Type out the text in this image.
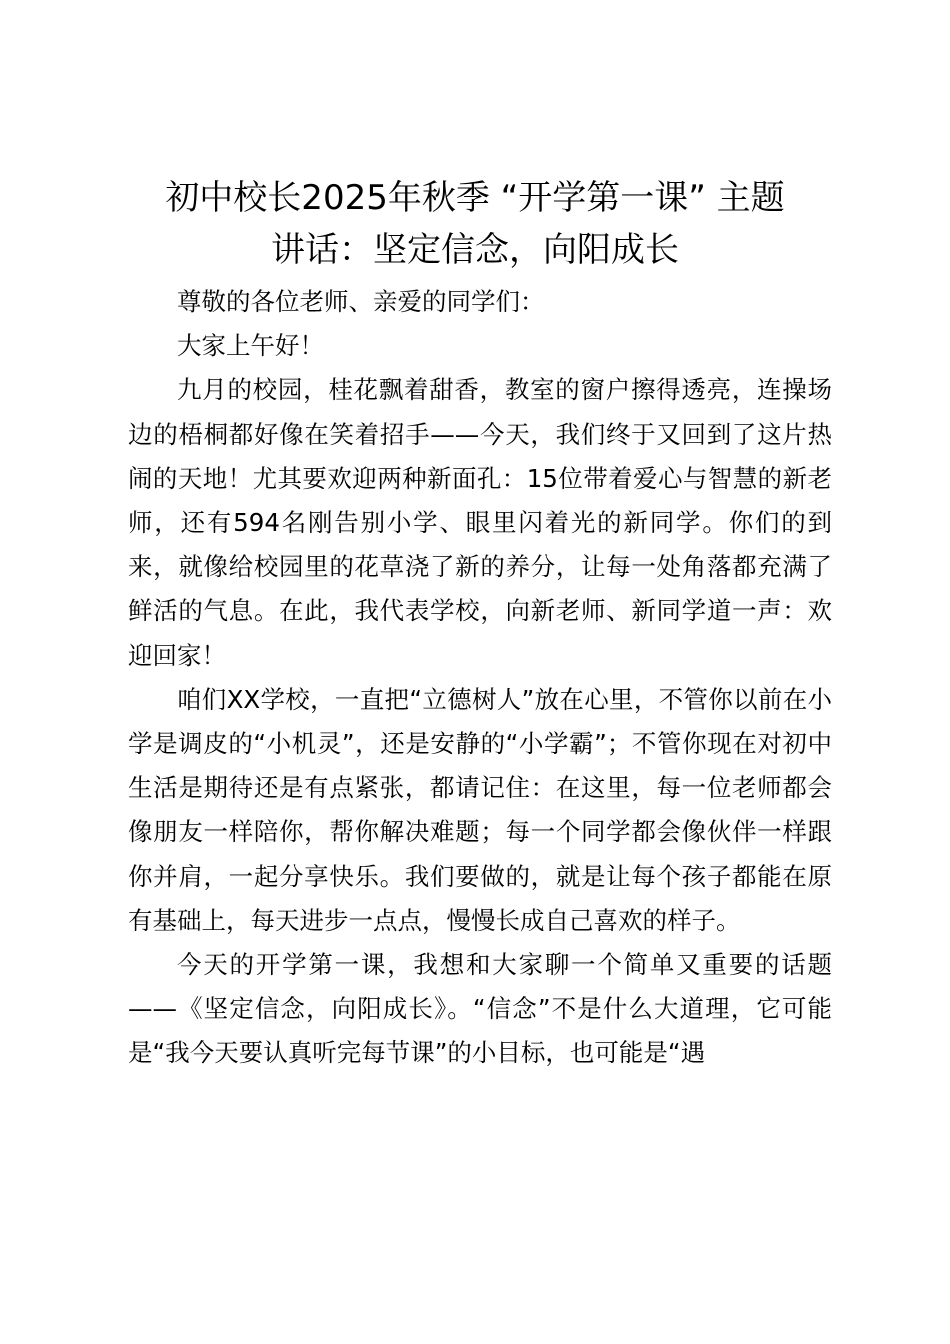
初中校长2025年秋季 “开学第一课” 主题
讲话：坚定信念，向阳成长

尊敬的各位老师、亲爱的同学们：

大家上午好！

九月的校园，桂花飘着甜香，教室的窗户擦得透亮，连操场边的梧桐都好像在笑着招手——今天，我们终于又回到了这片热闹的天地！尤其要欢迎两种新面孔：15位带着爱心与智慧的新老师，还有594名刚告别小学、眼里闪着光的新同学。你们的到来，就像给校园里的花草浇了新的养分，让每一处角落都充满了鲜活的气息。在此，我代表学校，向新老师、新同学道一声：欢迎回家！

咱们XX学校，一直把“立德树人”放在心里，不管你以前在小学是调皮的“小机灵”，还是安静的“小学霸”；不管你现在对初中生活是期待还是有点紧张，都请记住：在这里，每一位老师都会像朋友一样陪你，帮你解决难题；每一个同学都会像伙伴一样跟你并肩，一起分享快乐。我们要做的，就是让每个孩子都能在原有基础上，每天进步一点点，慢慢长成自己喜欢的样子。

今天的开学第一课，我想和大家聊一个简单又重要的话题——《坚定信念，向阳成长》。“信念”不是什么大道理，它可能是“我今天要认真听完每节课”的小目标，也可能是“遇
